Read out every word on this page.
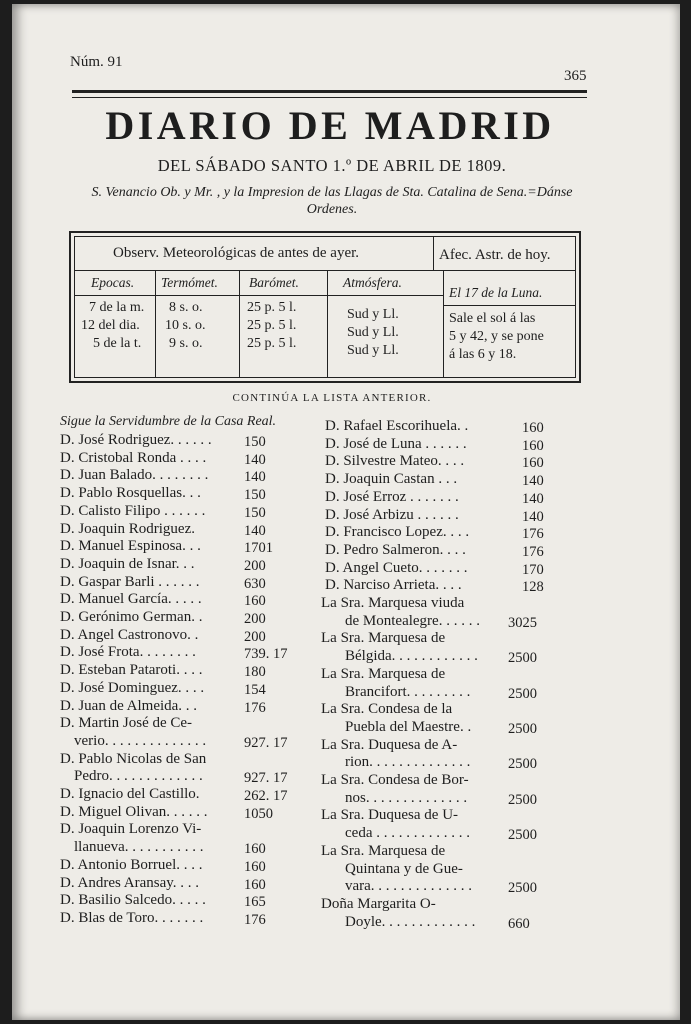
Núm. 91
365
DIARIO DE MADRID
DEL SÁBADO SANTO 1.º DE ABRIL DE 1809.
S. Venancio Ob. y Mr. , y la Impresion de las Llagas de Sta. Catalina de Sena.=Dánse Ordenes.
Observ. Meteorológicas de antes de ayer.	Afec. Astr. de hoy.
Epocas. Termómet. Barómet.	Atmósfera.
El 17 de la Luna.
7 de la m. 8 s. o.	25 p. 5 l.	Sud y Ll.
12 del dia. 10 s. o.	25 p. 5 l.	Sud y Ll.
5 de la t. 9 s. o.	25 p. 5 l.	Sud y Ll.
Sale el sol á las
5 y 42, y se pone
á las 6 y 18.
CONTINÚA LA LISTA ANTERIOR.
Sigue la Servidumbre de la Casa Real.
D. José Rodriguez. . . . . . 150
D. Cristobal Ronda . . . .	140
D. Juan Balado. . . . . . . . 140
D. Pablo Rosquellas. . .	150
D. Calisto Filipo . . . . . .	150
D. Joaquin Rodriguez.	140
D. Manuel Espinosa. . .	1701
D. Joaquin de Isnar. . .	200
D. Gaspar Barli . . . . . .	630
D. Manuel García. . . . .	160
D. Gerónimo German. .	200
D. Angel Castronovo. .	200
D. José Frota. . . . . . . .	739. 17
D. Esteban Pataroti. . . .	180
D. José Dominguez. . . .	154
D. Juan de Almeida. . .	176
D. Martin José de Ce-
verio. . . . . . . . . . . . . .	927. 17
D. Pablo Nicolas de San
Pedro. . . . . . . . . . . . .	927. 17
D. Ignacio del Castillo.	262. 17
D. Miguel Olivan. . . . . .	1050
D. Joaquin Lorenzo Vi-
llanueva. . . . . . . . . . .	160
D. Antonio Borruel. . . .	160
D. Andres Aransay. . . .	160
D. Basilio Salcedo. . . . .	165
D. Blas de Toro. . . . . . .	176
D. Rafael Escorihuela. .	160
D. José de Luna . . . . . .	160
D. Silvestre Mateo. . . .	160
D. Joaquin Castan . . .	140
D. José Erroz . . . . . . .	140
D. José Arbizu . . . . . .	140
D. Francisco Lopez. . . .	176
D. Pedro Salmeron. . . .	176
D. Angel Cueto. . . . . . .	170
D. Narciso Arrieta. . . .	128
La Sra. Marquesa viuda
de Montealegre. . . . . . 3025
La Sra. Marquesa de
Bélgida. . . . . . . . . . . . 2500
La Sra. Marquesa de
Brancifort. . . . . . . . .	2500
La Sra. Condesa de la
Puebla del Maestre. .	2500
La Sra. Duquesa de A-
rion. . . . . . . . . . . . . .	2500
La Sra. Condesa de Bor-
nos. . . . . . . . . . . . . .	2500
La Sra. Duquesa de U-
ceda . . . . . . . . . . . . .	2500
La Sra. Marquesa de
Quintana y de Gue-
vara. . . . . . . . . . . . . . 2500
Doña Margarita O-
Doyle. . . . . . . . . . . . . 660
